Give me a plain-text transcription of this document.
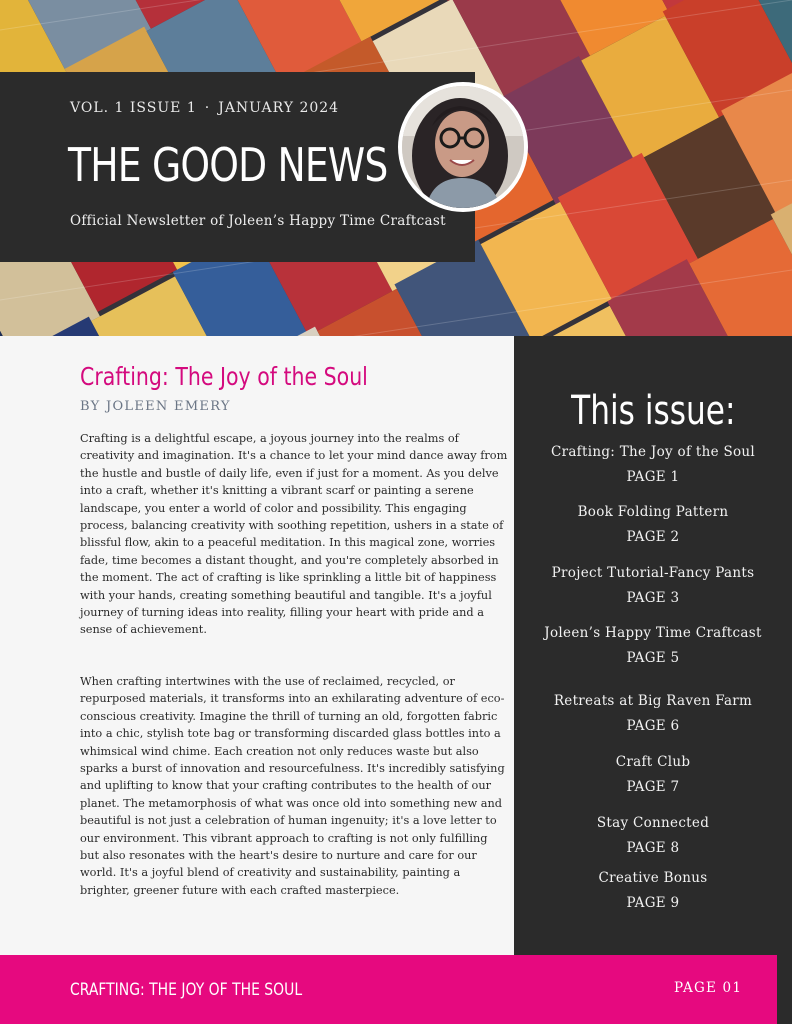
VOL. 1 ISSUE 1 · JANUARY 2024
THE GOOD NEWS
Official Newsletter of Joleen’s Happy Time Craftcast
Crafting: The Joy of the Soul
BY JOLEEN EMERY

Crafting is a delightful escape, a joyous journey into the realms of creativity and imagination. It's a chance to let your mind dance away from the hustle and bustle of daily life, even if just for a moment. As you delve into a craft, whether it's knitting a vibrant scarf or painting a serene landscape, you enter a world of color and possibility. This engaging process, balancing creativity with soothing repetition, ushers in a state of blissful flow, akin to a peaceful meditation. In this magical zone, worries fade, time becomes a distant thought, and you're completely absorbed in the moment. The act of crafting is like sprinkling a little bit of happiness with your hands, creating something beautiful and tangible. It's a joyful journey of turning ideas into reality, filling your heart with pride and a sense of achievement.

When crafting intertwines with the use of reclaimed, recycled, or repurposed materials, it transforms into an exhilarating adventure of eco-conscious creativity. Imagine the thrill of turning an old, forgotten fabric into a chic, stylish tote bag or transforming discarded glass bottles into a whimsical wind chime. Each creation not only reduces waste but also sparks a burst of innovation and resourcefulness. It's incredibly satisfying and uplifting to know that your crafting contributes to the health of our planet. The metamorphosis of what was once old into something new and beautiful is not just a celebration of human ingenuity; it's a love letter to our environment. This vibrant approach to crafting is not only fulfilling but also resonates with the heart's desire to nurture and care for our world. It's a joyful blend of creativity and sustainability, painting a brighter, greener future with each crafted masterpiece.

This issue:
Crafting: The Joy of the Soul
PAGE 1
Book Folding Pattern
PAGE 2
Project Tutorial-Fancy Pants
PAGE 3
Joleen’s Happy Time Craftcast
PAGE 5
Retreats at Big Raven Farm
PAGE 6
Craft Club
PAGE 7
Stay Connected
PAGE 8
Creative Bonus
PAGE 9
CRAFTING: THE JOY OF THE SOUL	PAGE 01
